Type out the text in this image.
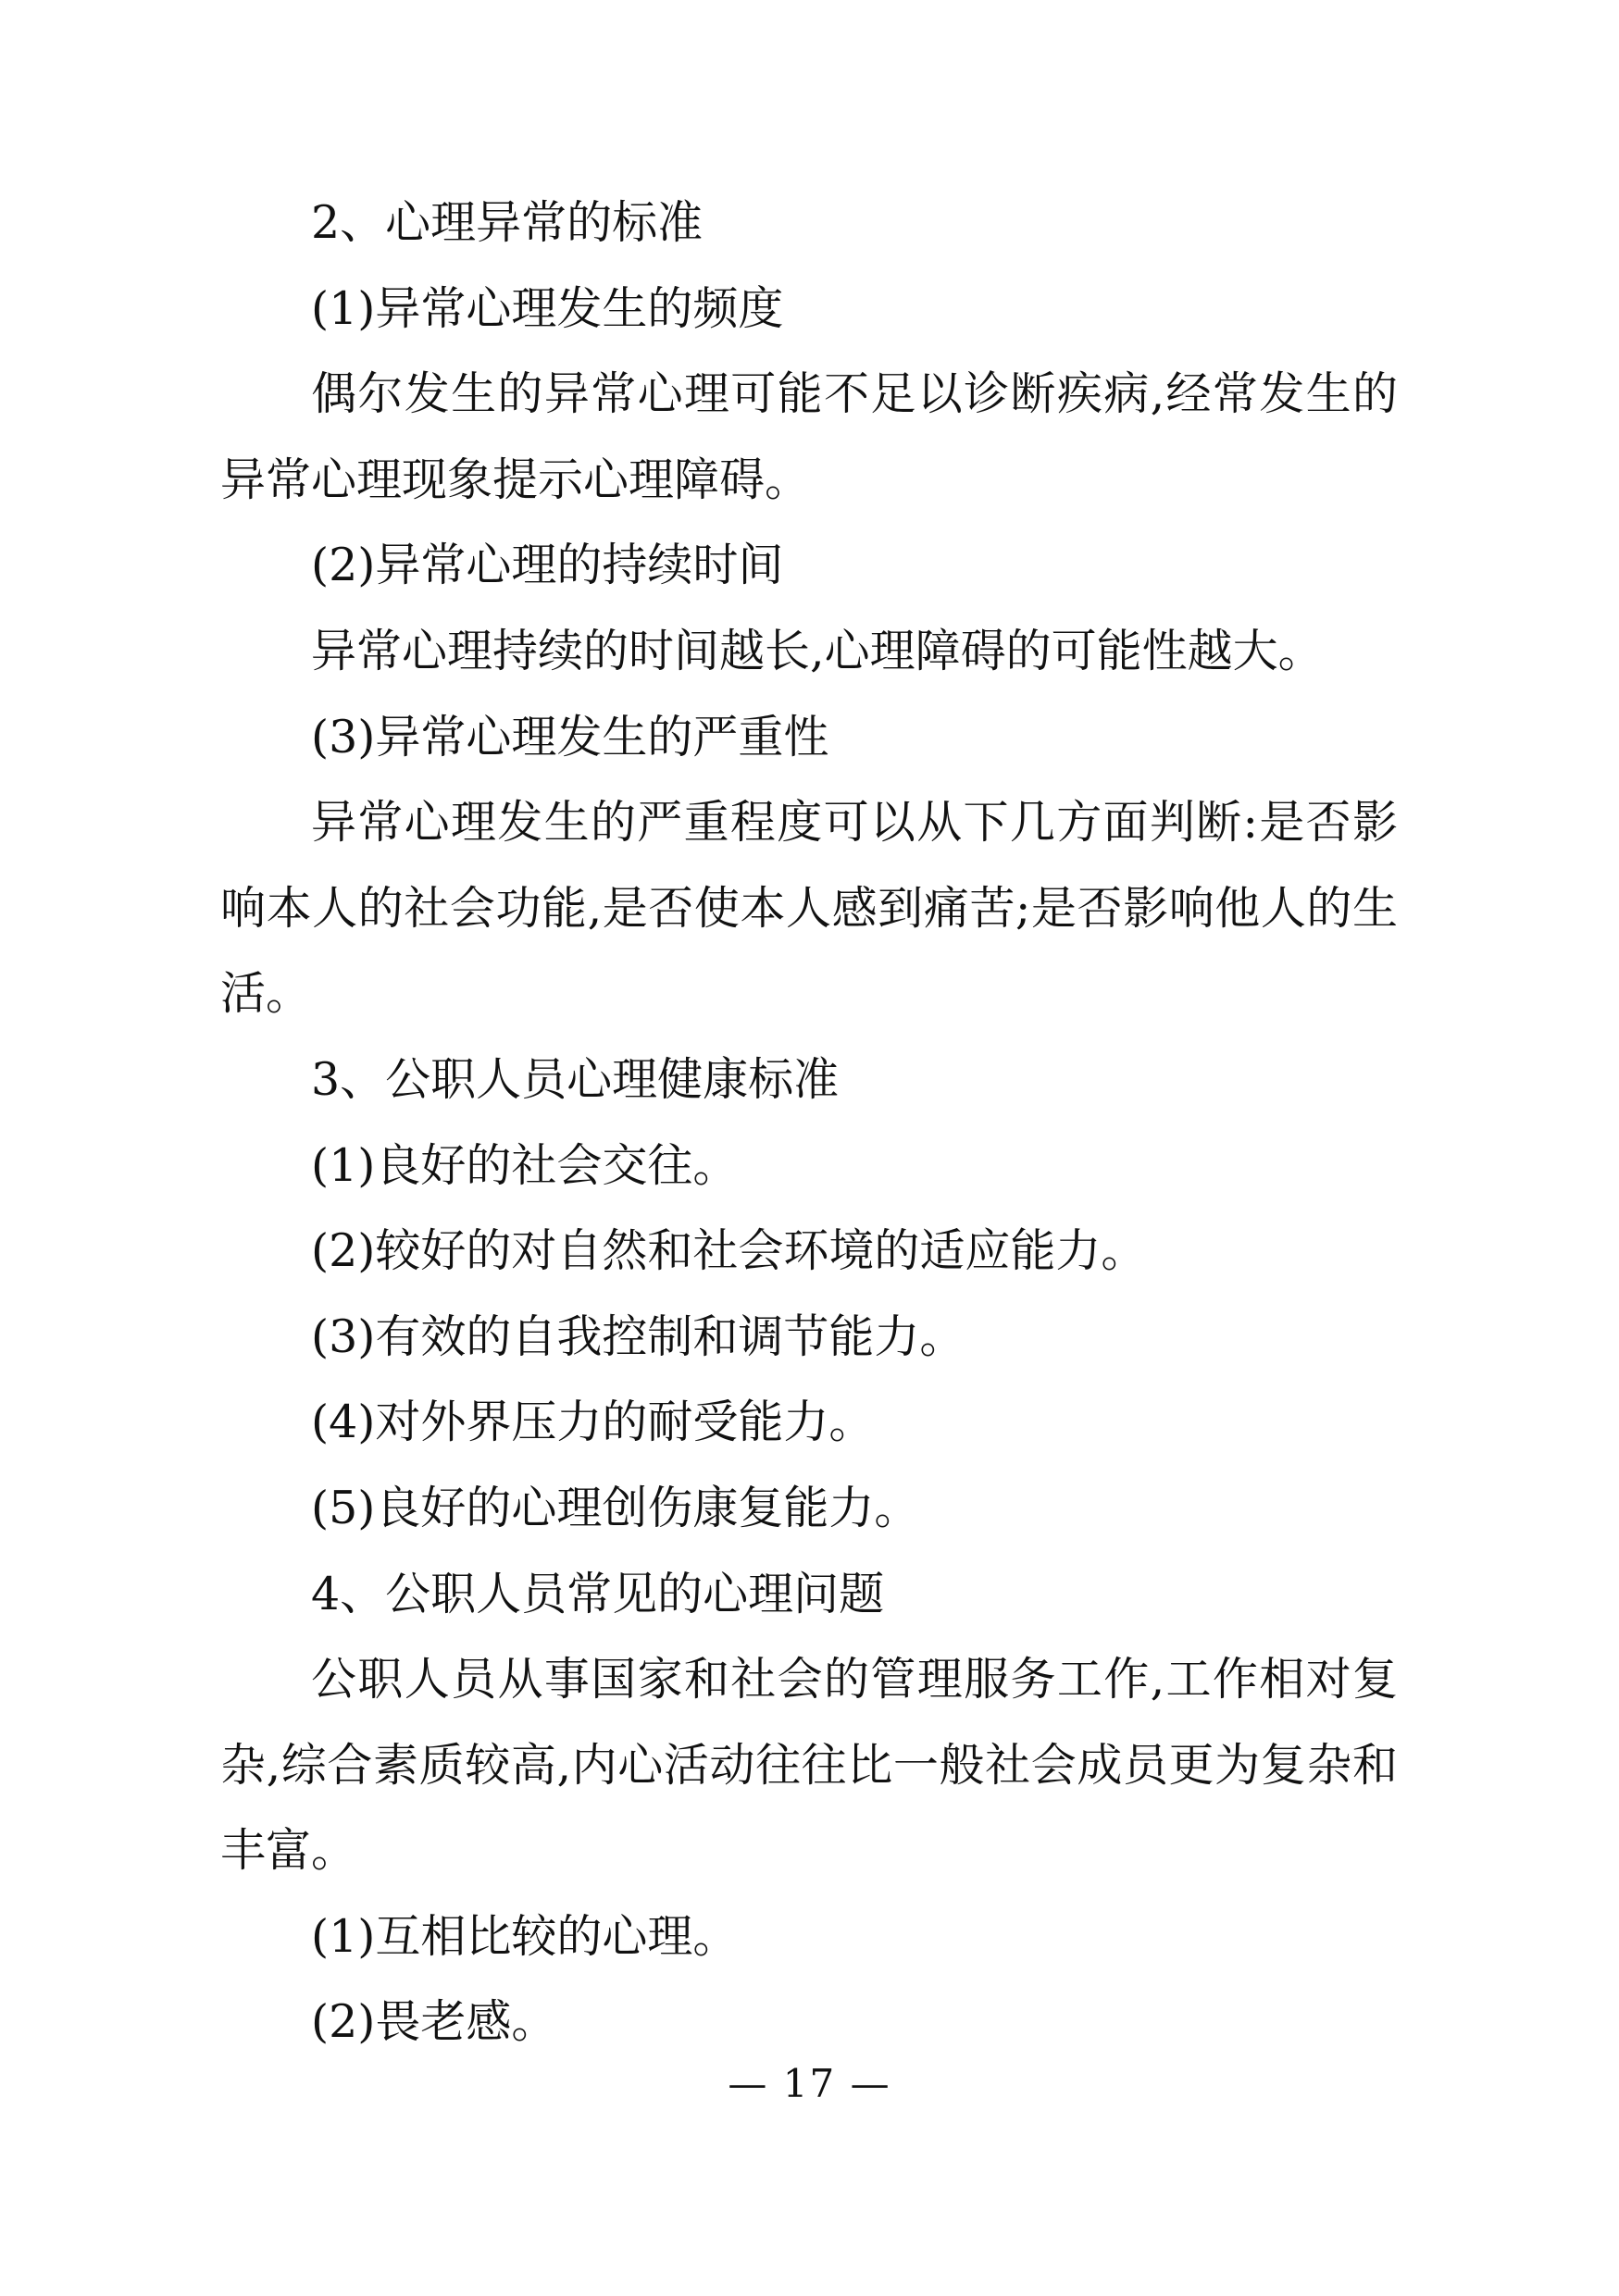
2、心理异常的标准

(1)异常心理发生的频度

偶尔发生的异常心理可能不足以诊断疾病,经常发生的异常心理现象提示心理障碍。

(2)异常心理的持续时间

异常心理持续的时间越长,心理障碍的可能性越大。

(3)异常心理发生的严重性

异常心理发生的严重程度可以从下几方面判断:是否影响本人的社会功能,是否使本人感到痛苦;是否影响他人的生活。

3、公职人员心理健康标准

(1)良好的社会交往。

(2)较好的对自然和社会环境的适应能力。

(3)有效的自我控制和调节能力。

(4)对外界压力的耐受能力。

(5)良好的心理创伤康复能力。

4、公职人员常见的心理问题

公职人员从事国家和社会的管理服务工作,工作相对复杂,综合素质较高,内心活动往往比一般社会成员更为复杂和丰富。

(1)互相比较的心理。

(2)畏老感。

— 17 —
